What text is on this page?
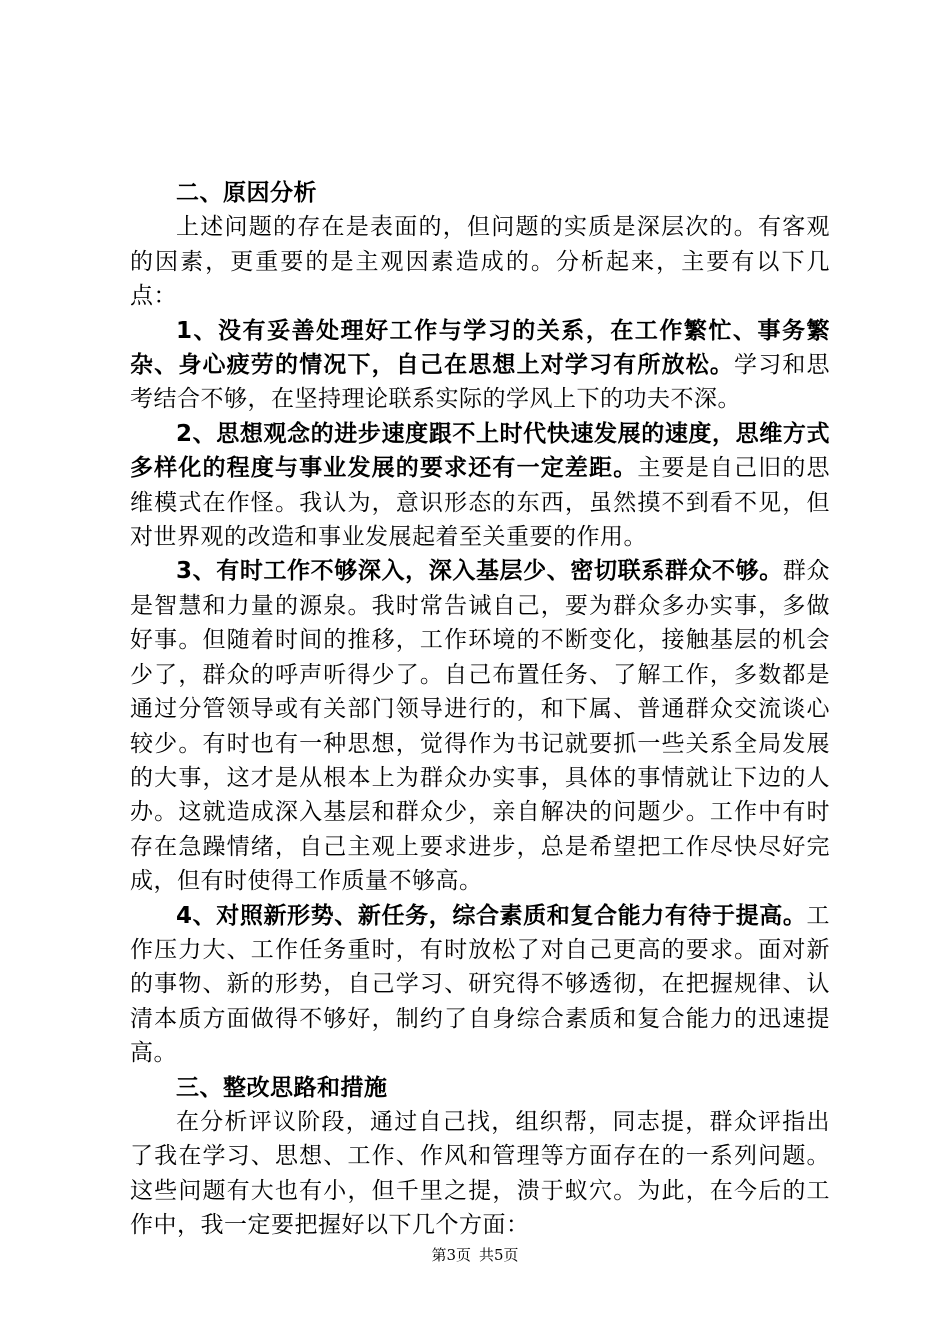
二、原因分析

上述问题的存在是表面的，但问题的实质是深层次的。有客观的因素，更重要的是主观因素造成的。分析起来，主要有以下几点：

1、没有妥善处理好工作与学习的关系，在工作繁忙、事务繁杂、身心疲劳的情况下，自己在思想上对学习有所放松。学习和思考结合不够，在坚持理论联系实际的学风上下的功夫不深。

2、思想观念的进步速度跟不上时代快速发展的速度，思维方式多样化的程度与事业发展的要求还有一定差距。主要是自己旧的思维模式在作怪。我认为，意识形态的东西，虽然摸不到看不见，但对世界观的改造和事业发展起着至关重要的作用。

3、有时工作不够深入，深入基层少、密切联系群众不够。群众是智慧和力量的源泉。我时常告诫自己，要为群众多办实事，多做好事。但随着时间的推移，工作环境的不断变化，接触基层的机会少了，群众的呼声听得少了。自己布置任务、了解工作，多数都是通过分管领导或有关部门领导进行的，和下属、普通群众交流谈心较少。有时也有一种思想，觉得作为书记就要抓一些关系全局发展的大事，这才是从根本上为群众办实事，具体的事情就让下边的人办。这就造成深入基层和群众少，亲自解决的问题少。工作中有时存在急躁情绪，自己主观上要求进步，总是希望把工作尽快尽好完成，但有时使得工作质量不够高。

4、对照新形势、新任务，综合素质和复合能力有待于提高。工作压力大、工作任务重时，有时放松了对自己更高的要求。面对新的事物、新的形势，自己学习、研究得不够透彻，在把握规律、认清本质方面做得不够好，制约了自身综合素质和复合能力的迅速提高。

三、整改思路和措施

在分析评议阶段，通过自己找，组织帮，同志提，群众评指出了我在学习、思想、工作、作风和管理等方面存在的一系列问题。这些问题有大也有小，但千里之提，溃于蚁穴。为此，在今后的工作中，我一定要把握好以下几个方面：

第3页 共5页
